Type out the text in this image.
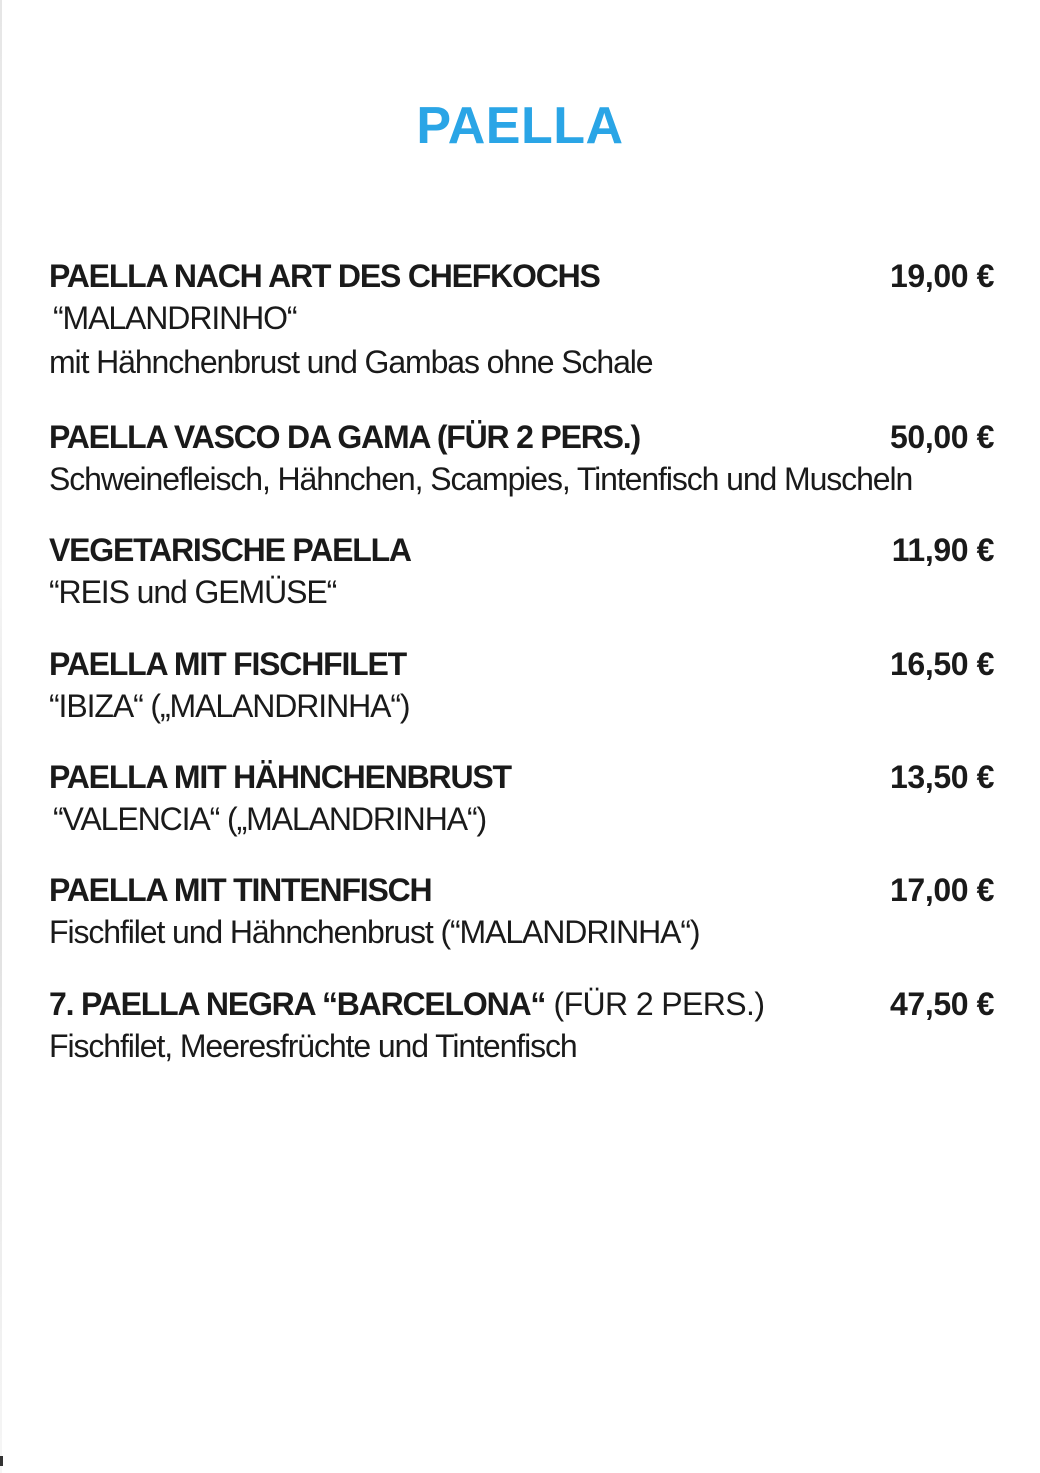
PAELLA
PAELLA NACH ART DES CHEFKOCHS	19,00 €
“MALANDRINHO“
mit Hähnchenbrust und Gambas ohne Schale
PAELLA VASCO DA GAMA (FÜR 2 PERS.)	50,00 €
Schweinefleisch, Hähnchen, Scampies, Tintenfisch und Muscheln
VEGETARISCHE PAELLA	11,90 €
“REIS und GEMÜSE“
PAELLA MIT FISCHFILET	16,50 €
“IBIZA“ („MALANDRINHA“)
PAELLA MIT HÄHNCHENBRUST	13,50 €
“VALENCIA“ („MALANDRINHA“)
PAELLA MIT TINTENFISCH	17,00 €
Fischfilet und Hähnchenbrust (“MALANDRINHA“)
7. PAELLA NEGRA “BARCELONA“ (FÜR 2 PERS.)	47,50 €
Fischfilet, Meeresfrüchte und Tintenfisch
